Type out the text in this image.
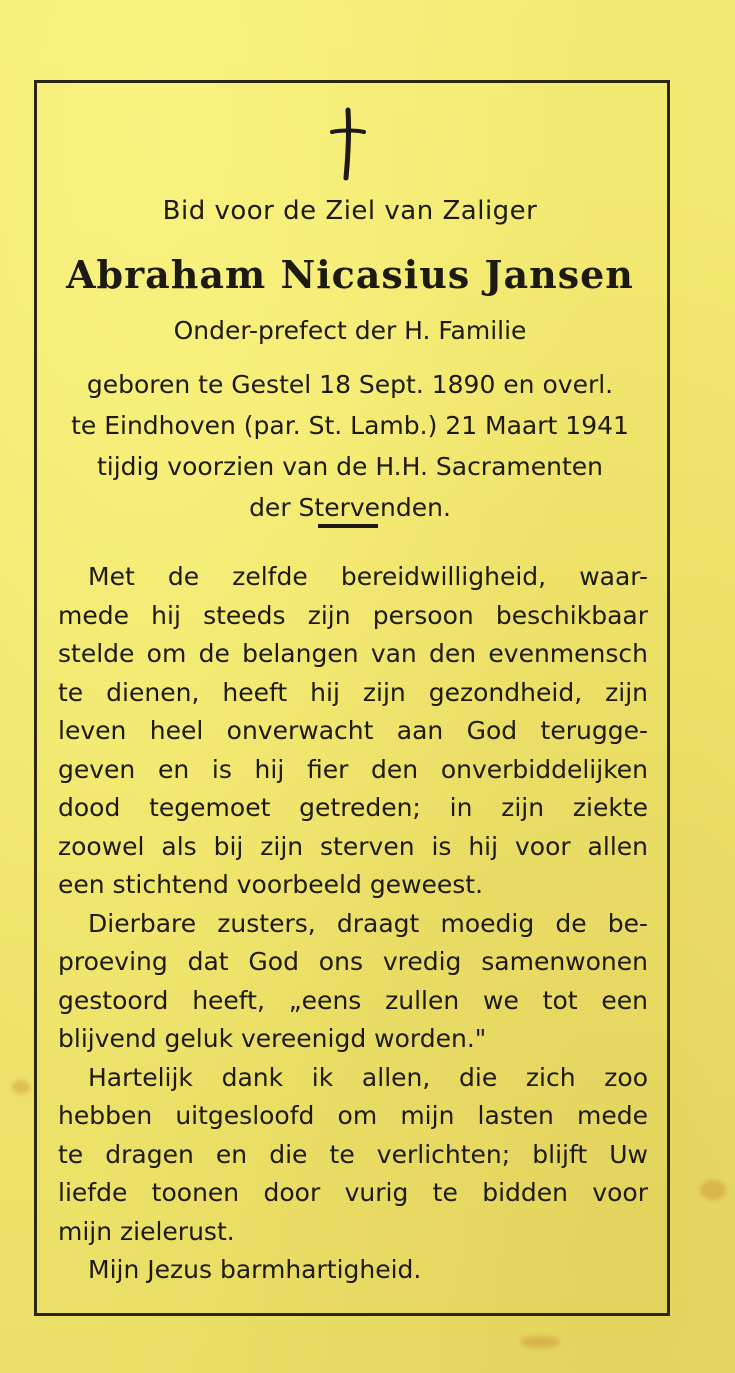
Bid voor de Ziel van Zaliger
Abraham Nicasius Jansen
Onder-prefect der H. Familie
geboren te Gestel 18 Sept. 1890 en overl.
te Eindhoven (par. St. Lamb.) 21 Maart 1941
tijdig voorzien van de H.H. Sacramenten
der Stervenden.
Met de zelfde bereidwilligheid, waar-
mede hij steeds zijn persoon beschikbaar
stelde om de belangen van den evenmensch
te dienen, heeft hij zijn gezondheid, zijn
leven heel onverwacht aan God terugge-
geven en is hij fier den onverbiddelijken
dood tegemoet getreden; in zijn ziekte
zoowel als bij zijn sterven is hij voor allen
een stichtend voorbeeld geweest.
Dierbare zusters, draagt moedig de be-
proeving dat God ons vredig samenwonen
gestoord heeft, „eens zullen we tot een
blijvend geluk vereenigd worden."
Hartelijk dank ik allen, die zich zoo
hebben uitgesloofd om mijn lasten mede
te dragen en die te verlichten; blijft Uw
liefde toonen door vurig te bidden voor
mijn zielerust.
Mijn Jezus barmhartigheid.
